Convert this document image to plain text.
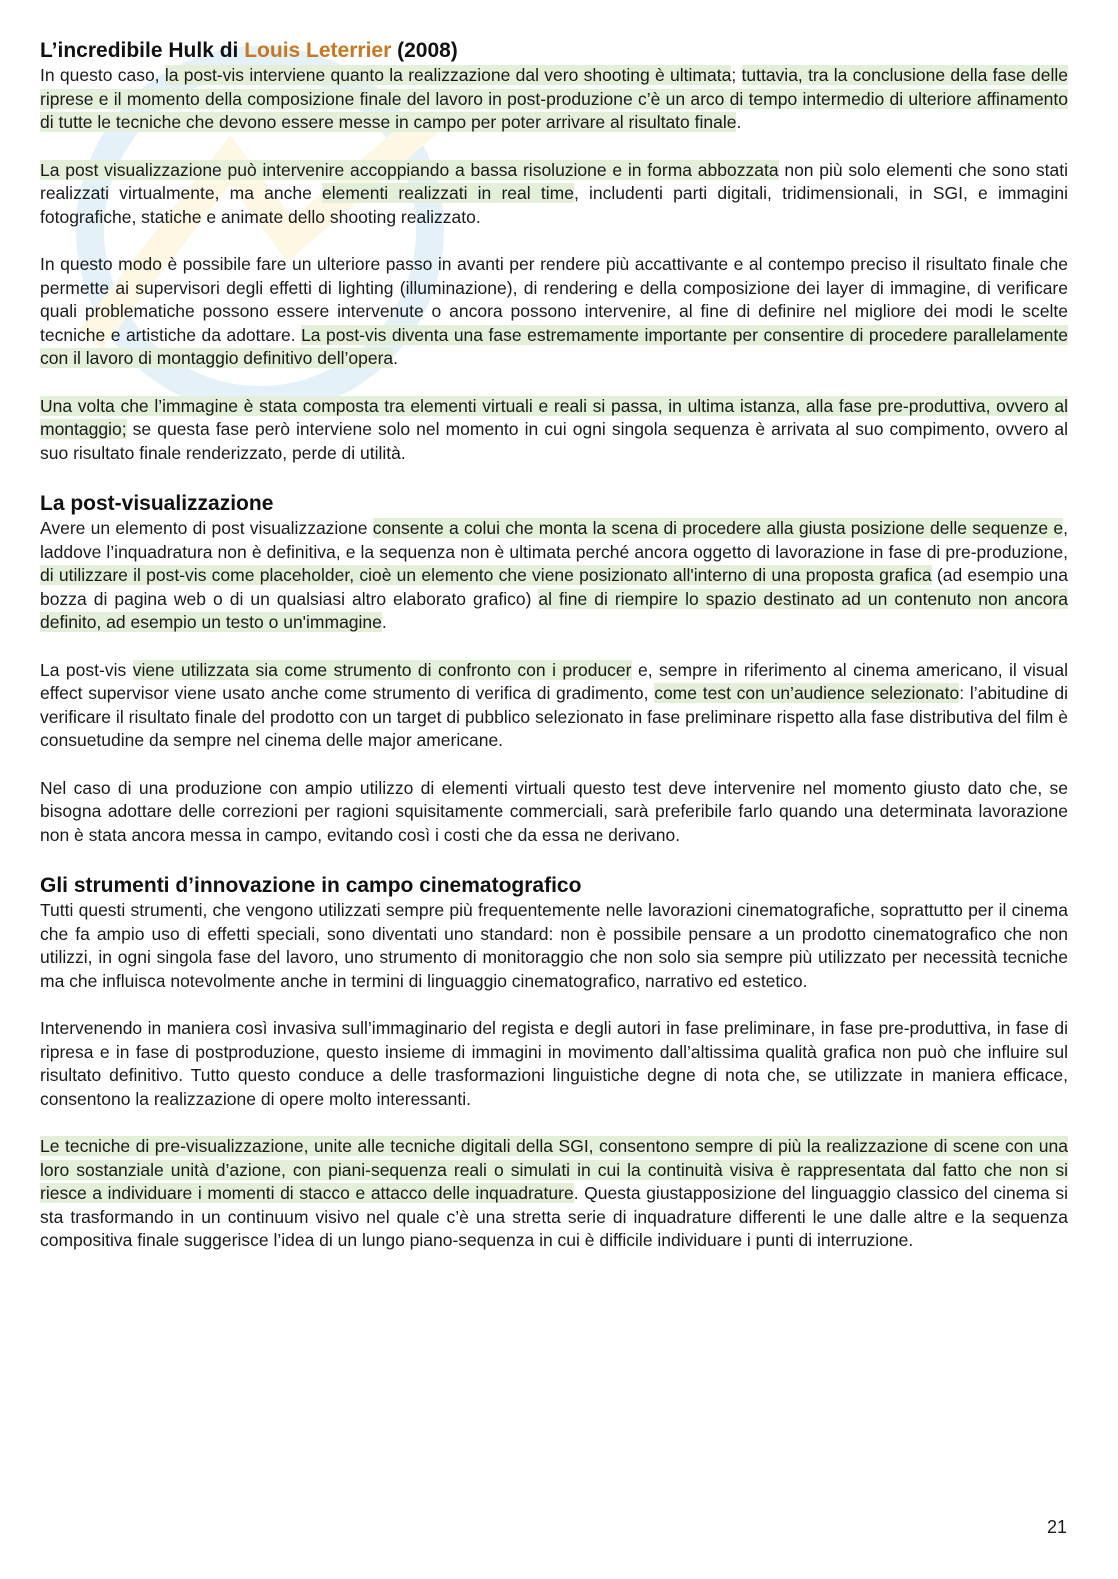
L’incredibile Hulk di Louis Leterrier (2008)

In questo caso, la post-vis interviene quanto la realizzazione dal vero shooting è ultimata; tuttavia, tra la conclusione della fase delle riprese e il momento della composizione finale del lavoro in post-produzione c’è un arco di tempo intermedio di ulteriore affinamento di tutte le tecniche che devono essere messe in campo per poter arrivare al risultato finale.

La post visualizzazione può intervenire accoppiando a bassa risoluzione e in forma abbozzata non più solo elementi che sono stati realizzati virtualmente, ma anche elementi realizzati in real time, includenti parti digitali, tridimensionali, in SGI, e immagini fotografiche, statiche e animate dello shooting realizzato.

In questo modo è possibile fare un ulteriore passo in avanti per rendere più accattivante e al contempo preciso il risultato finale che permette ai supervisori degli effetti di lighting (illuminazione), di rendering e della composizione dei layer di immagine, di verificare quali problematiche possono essere intervenute o ancora possono intervenire, al fine di definire nel migliore dei modi le scelte tecniche e artistiche da adottare. La post-vis diventa una fase estremamente importante per consentire di procedere parallelamente con il lavoro di montaggio definitivo dell’opera.

Una volta che l’immagine è stata composta tra elementi virtuali e reali si passa, in ultima istanza, alla fase pre-produttiva, ovvero al montaggio; se questa fase però interviene solo nel momento in cui ogni singola sequenza è arrivata al suo compimento, ovvero al suo risultato finale renderizzato, perde di utilità.

La post-visualizzazione

Avere un elemento di post visualizzazione consente a colui che monta la scena di procedere alla giusta posizione delle sequenze e, laddove l’inquadratura non è definitiva, e la sequenza non è ultimata perché ancora oggetto di lavorazione in fase di pre-produzione, di utilizzare il post-vis come placeholder, cioè un elemento che viene posizionato all'interno di una proposta grafica (ad esempio una bozza di pagina web o di un qualsiasi altro elaborato grafico) al fine di riempire lo spazio destinato ad un contenuto non ancora definito, ad esempio un testo o un'immagine.

La post-vis viene utilizzata sia come strumento di confronto con i producer e, sempre in riferimento al cinema americano, il visual effect supervisor viene usato anche come strumento di verifica di gradimento, come test con un’audience selezionato: l’abitudine di verificare il risultato finale del prodotto con un target di pubblico selezionato in fase preliminare rispetto alla fase distributiva del film è consuetudine da sempre nel cinema delle major americane.

Nel caso di una produzione con ampio utilizzo di elementi virtuali questo test deve intervenire nel momento giusto dato che, se bisogna adottare delle correzioni per ragioni squisitamente commerciali, sarà preferibile farlo quando una determinata lavorazione non è stata ancora messa in campo, evitando così i costi che da essa ne derivano.

Gli strumenti d’innovazione in campo cinematografico

Tutti questi strumenti, che vengono utilizzati sempre più frequentemente nelle lavorazioni cinematografiche, soprattutto per il cinema che fa ampio uso di effetti speciali, sono diventati uno standard: non è possibile pensare a un prodotto cinematografico che non utilizzi, in ogni singola fase del lavoro, uno strumento di monitoraggio che non solo sia sempre più utilizzato per necessità tecniche ma che influisca notevolmente anche in termini di linguaggio cinematografico, narrativo ed estetico.

Intervenendo in maniera così invasiva sull’immaginario del regista e degli autori in fase preliminare, in fase pre-produttiva, in fase di ripresa e in fase di postproduzione, questo insieme di immagini in movimento dall’altissima qualità grafica non può che influire sul risultato definitivo. Tutto questo conduce a delle trasformazioni linguistiche degne di nota che, se utilizzate in maniera efficace, consentono la realizzazione di opere molto interessanti.

Le tecniche di pre-visualizzazione, unite alle tecniche digitali della SGI, consentono sempre di più la realizzazione di scene con una loro sostanziale unità d’azione, con piani-sequenza reali o simulati in cui la continuità visiva è rappresentata dal fatto che non si riesce a individuare i momenti di stacco e attacco delle inquadrature. Questa giustapposizione del linguaggio classico del cinema si sta trasformando in un continuum visivo nel quale c’è una stretta serie di inquadrature differenti le une dalle altre e la sequenza compositiva finale suggerisce l’idea di un lungo piano-sequenza in cui è difficile individuare i punti di interruzione.

21
